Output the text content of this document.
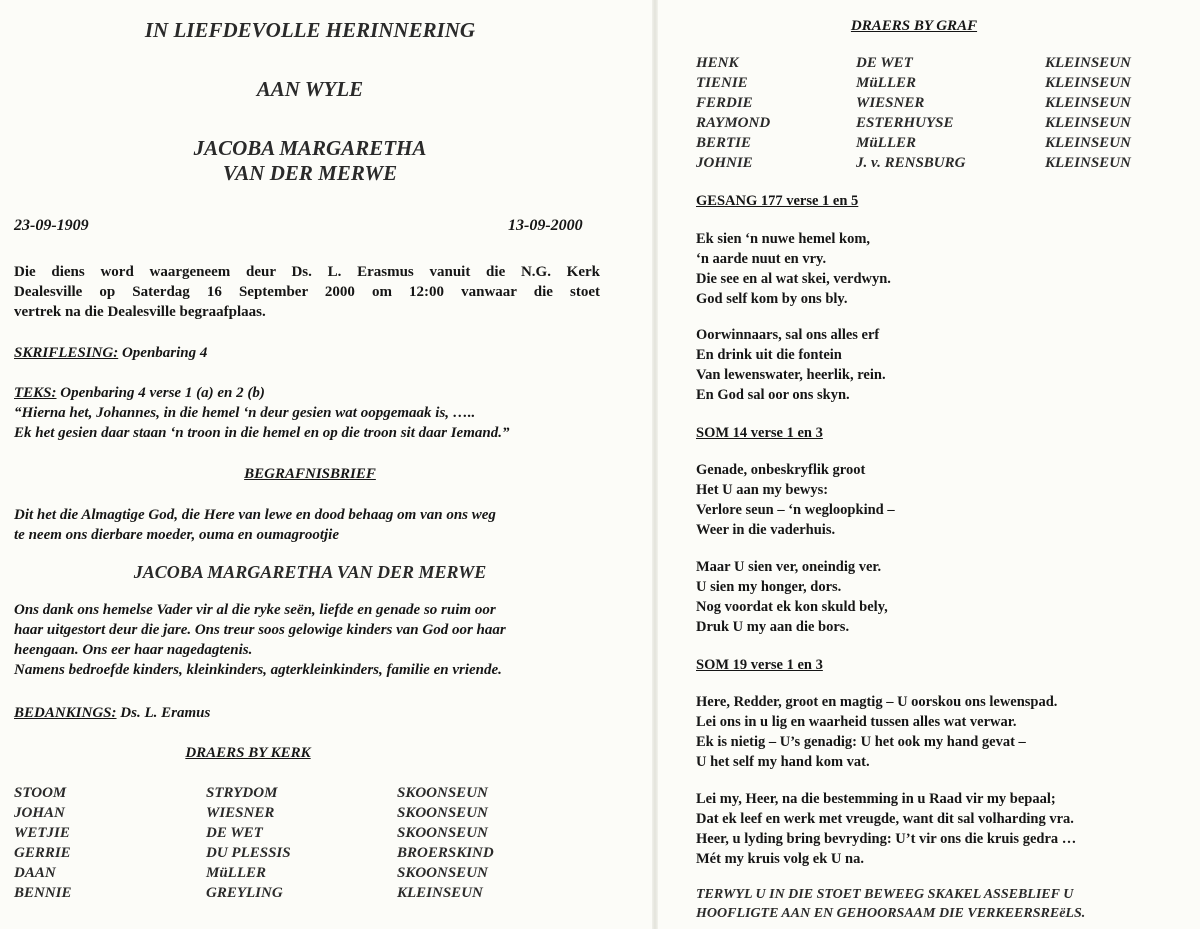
IN LIEFDEVOLLE HERINNERING

AAN WYLE

JACOBA MARGARETHA

VAN DER MERWE

23-09-1909	13-09-2000

Die diens word waargeneem deur Ds. L. Erasmus vanuit die N.G. Kerk
Dealesville op Saterdag 16 September 2000 om 12:00 vanwaar die stoet
vertrek na die Dealesville begraafplaas.

SKRIFLESING: Openbaring 4

TEKS: Openbaring 4 verse 1 (a) en 2 (b)
“Hierna het, Johannes, in die hemel ‘n deur gesien wat oopgemaak is, …..
Ek het gesien daar staan ‘n troon in die hemel en op die troon sit daar Iemand.”

BEGRAFNISBRIEF

Dit het die Almagtige God, die Here van lewe en dood behaag om van ons weg
te neem ons dierbare moeder, ouma en oumagrootjie

JACOBA MARGARETHA VAN DER MERWE

Ons dank ons hemelse Vader vir al die ryke seën, liefde en genade so ruim oor
haar uitgestort deur die jare. Ons treur soos gelowige kinders van God oor haar
heengaan. Ons eer haar nagedagtenis.
Namens bedroefde kinders, kleinkinders, agterkleinkinders, familie en vriende.

BEDANKINGS: Ds. L. Eramus

DRAERS BY KERK

STOOM	STRYDOM	SKOONSEUN
JOHAN	WIESNER	SKOONSEUN
WETJIE	DE WET	SKOONSEUN
GERRIE	DU PLESSIS	BROERSKIND
DAAN	MüLLER	SKOONSEUN
BENNIE	GREYLING	KLEINSEUN

DRAERS BY GRAF

HENK	DE WET	KLEINSEUN
TIENIE	MüLLER	KLEINSEUN
FERDIE	WIESNER	KLEINSEUN
RAYMOND	ESTERHUYSE	KLEINSEUN
BERTIE	MüLLER	KLEINSEUN
JOHNIE	J. v. RENSBURG	KLEINSEUN

GESANG 177 verse 1 en 5

Ek sien ‘n nuwe hemel kom,

‘n aarde nuut en vry.

Die see en al wat skei, verdwyn.

God self kom by ons bly.

Oorwinnaars, sal ons alles erf

En drink uit die fontein

Van lewenswater, heerlik, rein.

En God sal oor ons skyn.

SOM 14 verse 1 en 3

Genade, onbeskryflik groot

Het U aan my bewys:

Verlore seun – ‘n wegloopkind –

Weer in die vaderhuis.

Maar U sien ver, oneindig ver.

U sien my honger, dors.

Nog voordat ek kon skuld bely,

Druk U my aan die bors.

SOM 19 verse 1 en 3

Here, Redder, groot en magtig – U oorskou ons lewenspad.

Lei ons in u lig en waarheid tussen alles wat verwar.

Ek is nietig – U’s genadig: U het ook my hand gevat –

U het self my hand kom vat.

Lei my, Heer, na die bestemming in u Raad vir my bepaal;

Dat ek leef en werk met vreugde, want dit sal volharding vra.

Heer, u lyding bring bevryding: U’t vir ons die kruis gedra …

Mét my kruis volg ek U na.

TERWYL U IN DIE STOET BEWEEG SKAKEL ASSEBLIEF U
HOOFLIGTE AAN EN GEHOORSAAM DIE VERKEERSREëLS.
